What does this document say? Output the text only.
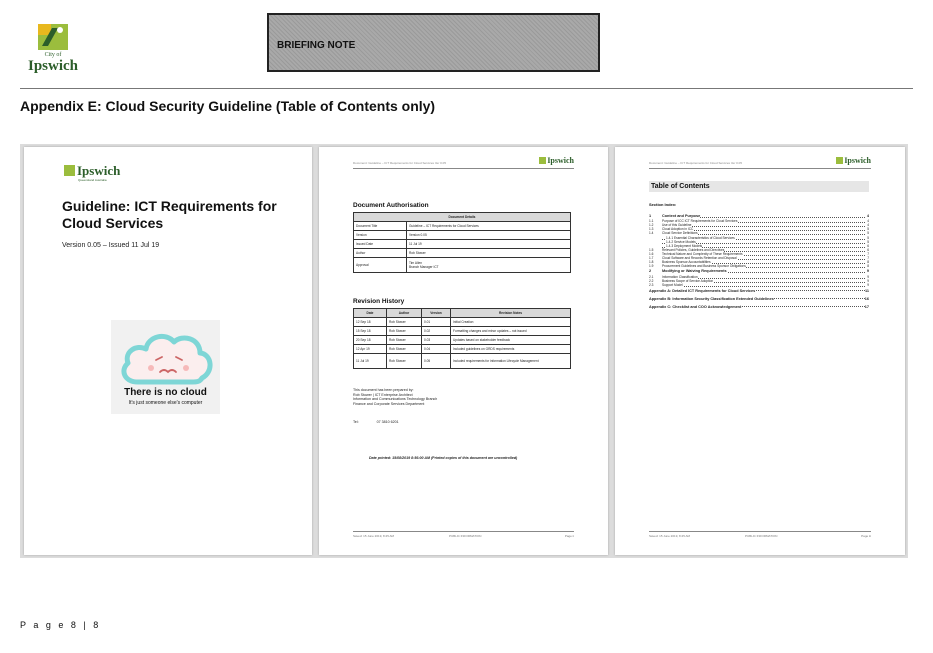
City of
Ipswich
BRIEFING NOTE
Appendix E: Cloud Security Guideline (Table of Contents only)
Ipswich
Queensland Australia
Guideline: ICT Requirements for Cloud Services
Version 0.05 – Issued 11 Jul 19
There is no cloud
It's just someone else's computer
Document: Guideline – ICT Requirements for Cloud Services Ver 0.05	Ipswich
Document Authorisation
Document Details	
Document Title	Guideline – ICT Requirements for Cloud Services
Version	Version 0.05
Issued Date	11 Jul 19
Author	Rob Stower
Approval	Tim Allen
Branch Manager ICT
Revision History
Date	Author	Version	Revision Notes
12 Sep 18	Rob Stower	0.01	Initial Creation
15 Sep 18	Rob Stower	0.02	Formatting changes and minor updates – not issued
20 Sep 18	Rob Stower	0.03	Updates based on stakeholder feedback
12 Apr 19	Rob Stower	0.04	Included guidelines on GRDS requirements
11 Jul 19	Rob Stower	0.05	Included requirements for information Lifecycle Management
This document has been prepared by:
Rob Stower | ICT Enterprise Architect
Information and Communications Technology Branch
Finance and Corporate Services Department
Tel:	07 3810 6201
Date printed: 15/08/2019 8:56:00 AM (Printed copies of this document are uncontrolled)
Saved: 15 June 2019, 8:45 AM	PUBLIC INFORMATION	Page ii
Document: Guideline – ICT Requirements for Cloud Services Ver 0.05	Ipswich
Table of Contents
Section Index:
1	Context and Purpose	4
1.1	Purpose of ICC ICT Requirements for Cloud Services	4
1.2	Use of this Guideline	4
1.3	Cloud Adoption in ICC	5
1.4	Cloud Service Definitions	5
1.4.1 Essential Characteristics of Cloud Services	5
1.4.2 Service Models	5
1.4.3 Deployment Models	6
1.5	Relevant Policies, Guidelines and Directives	6
1.6	Technical Nature and Complexity of These Requirements	7
1.7	Cloud Software and Records Retention and Disposal	7
1.8	Business Sponsor Accountabilities	8
1.9	Procurement Guidelines and Business Sponsor Obligations	8
2	Modifying or Waiving Requirements	9
2.1	Information Classification	9
2.2	Business Scope of Service Adoption	9
2.3	Support Model	9
Appendix A: Detailed ICT Requirements for Cloud Services	11
Appendix B: Information Security Classification Extended Guidelines	16
Appendix C: Checklist and COO Acknowledgement	17
Saved: 15 June 2019, 8:45 AM	PUBLIC INFORMATION	Page iii
P a g e 8 | 8
